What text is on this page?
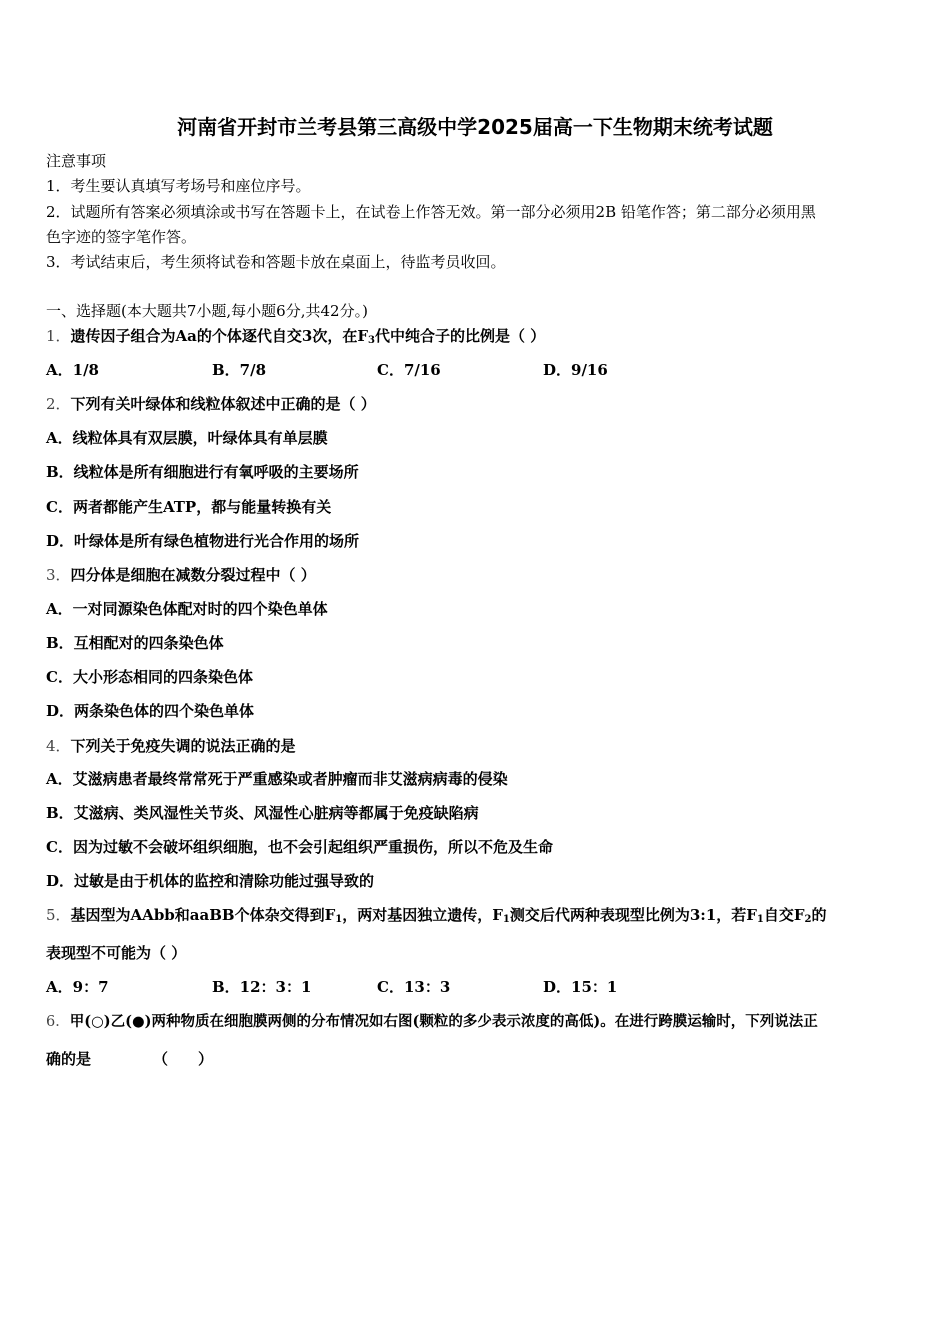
河南省开封市兰考县第三高级中学2025届高一下生物期末统考试题
注意事项
1．考生要认真填写考场号和座位序号。
2．试题所有答案必须填涂或书写在答题卡上，在试卷上作答无效。第一部分必须用2B 铅笔作答；第二部分必须用黑
色字迹的签字笔作答。
3．考试结束后，考生须将试卷和答题卡放在桌面上，待监考员收回。
一、选择题(本大题共7小题,每小题6分,共42分。)
1．遗传因子组合为Aa的个体逐代自交3次，在$F_3$代中纯合子的比例是（ ）
A．1/8	B．7/8	C．7/16	D．9/16
2．下列有关叶绿体和线粒体叙述中正确的是（ ）
A．线粒体具有双层膜，叶绿体具有单层膜
B．线粒体是所有细胞进行有氧呼吸的主要场所
C．两者都能产生ATP，都与能量转换有关
D．叶绿体是所有绿色植物进行光合作用的场所
3．四分体是细胞在减数分裂过程中（ ）
A．一对同源染色体配对时的四个染色单体
B．互相配对的四条染色体
C．大小形态相同的四条染色体
D．两条染色体的四个染色单体
4．下列关于免疫失调的说法正确的是
A．艾滋病患者最终常常死于严重感染或者肿瘤而非艾滋病病毒的侵染
B．艾滋病、类风湿性关节炎、风湿性心脏病等都属于免疫缺陷病
C．因为过敏不会破坏组织细胞，也不会引起组织严重损伤，所以不危及生命
D．过敏是由于机体的监控和清除功能过强导致的
5．基因型为AAbb和aaBB个体杂交得到$F_1$，两对基因独立遗传，$F_1$测交后代两种表现型比例为3:1，若$F_1$自交$F_2$的
表现型不可能为（ ）
A．9：7	B．12：3：1	C．13：3	D．15：1
6．甲(○)乙(●)两种物质在细胞膜两侧的分布情况如右图(颗粒的多少表示浓度的高低)。在进行跨膜运输时，下列说法正
确的是	（　　）
